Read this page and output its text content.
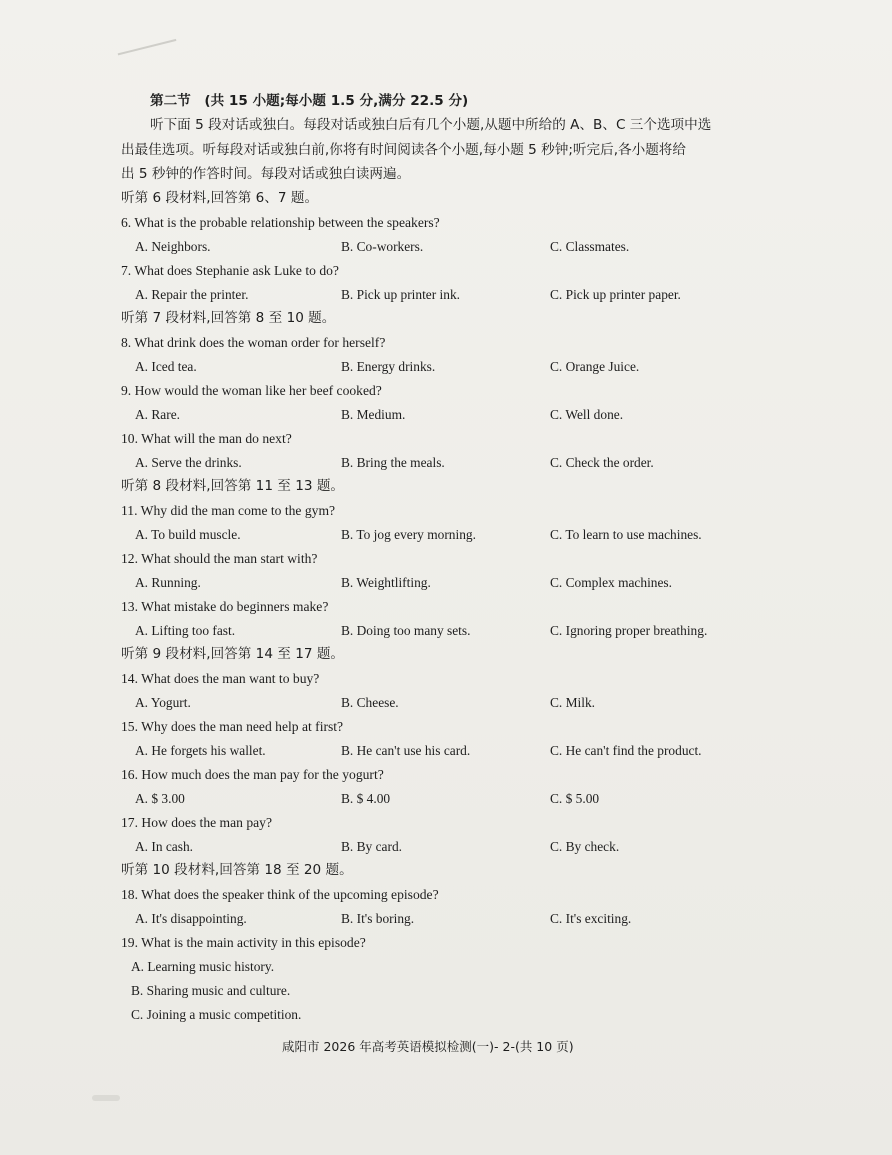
第二节　(共 15 小题;每小题 1.5 分,满分 22.5 分)
听下面 5 段对话或独白。每段对话或独白后有几个小题,从题中所给的 A、B、C 三个选项中选
出最佳选项。听每段对话或独白前,你将有时间阅读各个小题,每小题 5 秒钟;听完后,各小题将给
出 5 秒钟的作答时间。每段对话或独白读两遍。
听第 6 段材料,回答第 6、7 题。
6. What is the probable relationship between the speakers?
A. Neighbors.	B. Co-workers.	C. Classmates.
7. What does Stephanie ask Luke to do?
A. Repair the printer.	B. Pick up printer ink.	C. Pick up printer paper.
听第 7 段材料,回答第 8 至 10 题。
8. What drink does the woman order for herself?
A. Iced tea.	B. Energy drinks.	C. Orange Juice.
9. How would the woman like her beef cooked?
A. Rare.	B. Medium.	C. Well done.
10. What will the man do next?
A. Serve the drinks.	B. Bring the meals.	C. Check the order.
听第 8 段材料,回答第 11 至 13 题。
11. Why did the man come to the gym?
A. To build muscle.	B. To jog every morning.	C. To learn to use machines.
12. What should the man start with?
A. Running.	B. Weightlifting.	C. Complex machines.
13. What mistake do beginners make?
A. Lifting too fast.	B. Doing too many sets.	C. Ignoring proper breathing.
听第 9 段材料,回答第 14 至 17 题。
14. What does the man want to buy?
A. Yogurt.	B. Cheese.	C. Milk.
15. Why does the man need help at first?
A. He forgets his wallet.	B. He can't use his card.	C. He can't find the product.
16. How much does the man pay for the yogurt?
A. $ 3.00	B. $ 4.00	C. $ 5.00
17. How does the man pay?
A. In cash.	B. By card.	C. By check.
听第 10 段材料,回答第 18 至 20 题。
18. What does the speaker think of the upcoming episode?
A. It's disappointing.	B. It's boring.	C. It's exciting.
19. What is the main activity in this episode?
A. Learning music history.
B. Sharing music and culture.
C. Joining a music competition.
咸阳市 2026 年高考英语模拟检测(一)- 2-(共 10 页)
